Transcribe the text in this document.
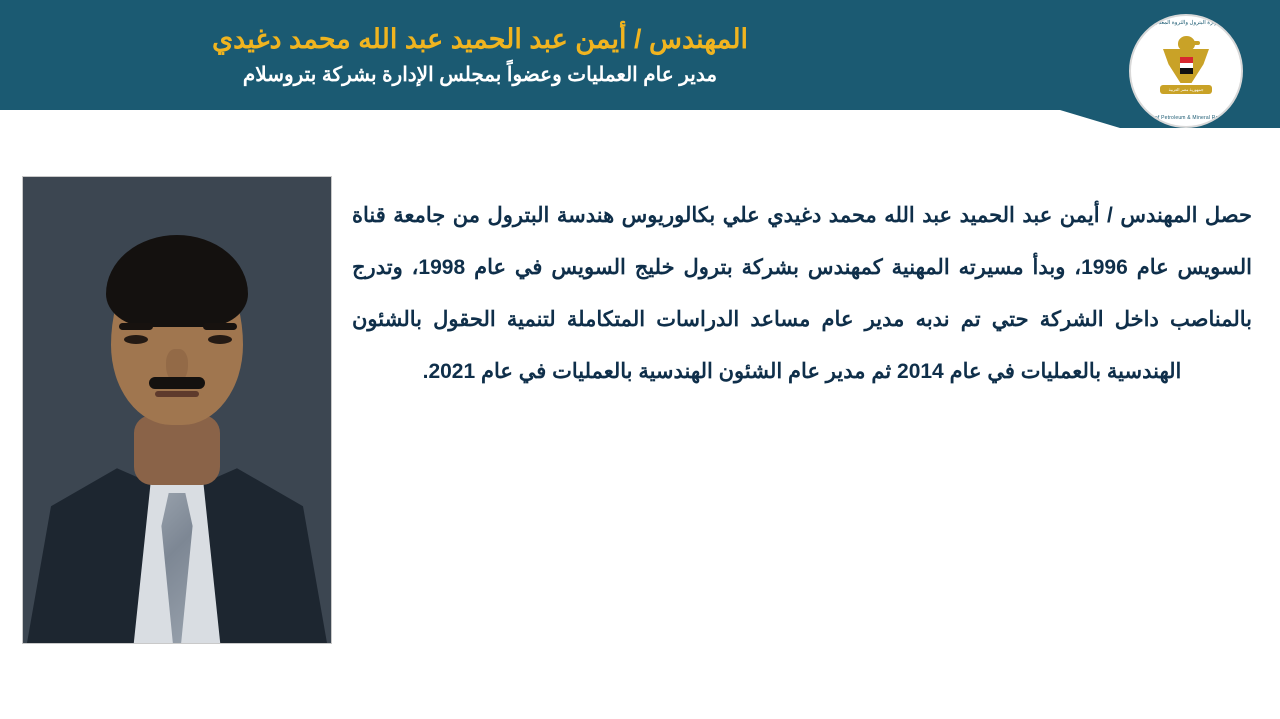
المهندس / أيمن عبد الحميد عبد الله محمد دغيدي
مدير عام العمليات وعضواً بمجلس الإدارة بشركة بتروسلام
وزارة البترول والثروة المعدنية
جمهورية مصر العربية
Ministry of Petroleum & Mineral Resources
حصل المهندس / أيمن عبد الحميد عبد الله محمد دغيدي علي بكالوريوس هندسة البترول من جامعة قناة السويس عام 1996، وبدأ مسيرته المهنية كمهندس بشركة بترول خليج السويس في عام 1998، وتدرج بالمناصب داخل الشركة حتي تم ندبه مدير عام مساعد الدراسات المتكاملة لتنمية الحقول بالشئون الهندسية بالعمليات في عام 2014 ثم مدير عام الشئون الهندسية بالعمليات في عام 2021.
